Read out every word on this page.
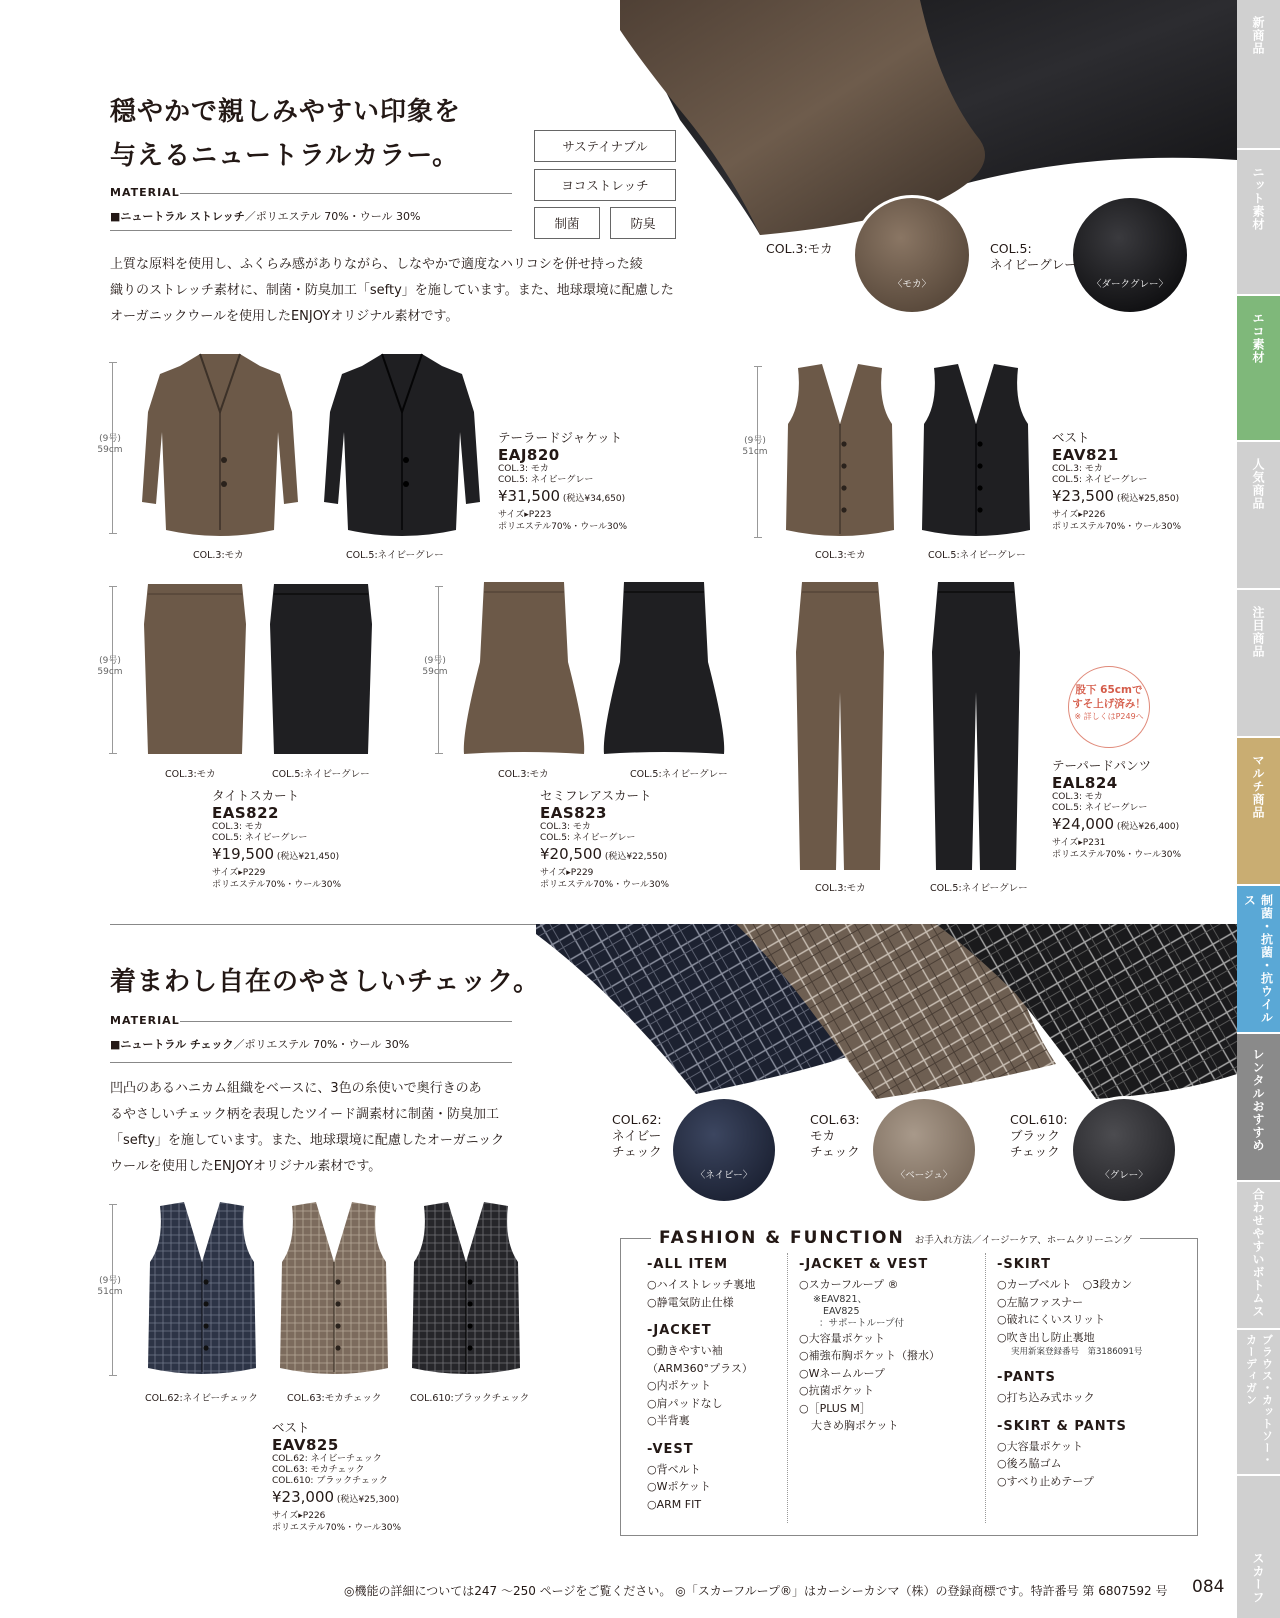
新商品
ニット素材
エコ素材
人気商品
注目商品
マルチ商品
制菌・抗菌・抗ウイルス
レンタルおすすめ
合わせやすいボトムス
ブラウス・カットソー・カーディガン
スカーフ
〈モカ〉	〈ダークグレー〉
COL.3:モカ	COL.5:
ネイビーグレー
穏やかで親しみやすい印象を
与えるニュートラルカラー。
MATERIAL
■ニュートラル ストレッチ／ポリエステル 70%・ウール 30%
サステイナブル
ヨコストレッチ
制菌	防臭
上質な原料を使用し、ふくらみ感がありながら、しなやかで適度なハリコシを併せ持った綾
織りのストレッチ素材に、制菌・防臭加工「sefty」を施しています。また、地球環境に配慮した
オーガニックウールを使用したENJOYオリジナル素材です。
(9号)
59cm
COL.3:モカ	COL.5:ネイビーグレー
テーラードジャケット
EAJ820
COL.3: モカ
COL.5: ネイビーグレー
¥31,500 (税込¥34,650)
サイズ▸P223
ポリエステル70%・ウール30%
(9号)
51cm
COL.3:モカ	COL.5:ネイビーグレー
ベスト
EAV821
COL.3: モカ
COL.5: ネイビーグレー
¥23,500 (税込¥25,850)
サイズ▸P226
ポリエステル70%・ウール30%
(9号)
59cm
COL.3:モカ	COL.5:ネイビーグレー
タイトスカート
EAS822
COL.3: モカ
COL.5: ネイビーグレー
¥19,500 (税込¥21,450)
サイズ▸P229
ポリエステル70%・ウール30%
(9号)
59cm
COL.3:モカ	COL.5:ネイビーグレー
セミフレアスカート
EAS823
COL.3: モカ
COL.5: ネイビーグレー
¥20,500 (税込¥22,550)
サイズ▸P229
ポリエステル70%・ウール30%
股下 65cmで
すそ上げ済み！
※ 詳しくはP249へ
COL.3:モカ	COL.5:ネイビーグレー
テーパードパンツ
EAL824
COL.3: モカ
COL.5: ネイビーグレー
¥24,000 (税込¥26,400)
サイズ▸P231
ポリエステル70%・ウール30%
〈ネイビー〉	〈ベージュ〉	〈グレー〉
COL.62:
ネイビー
チェック
COL.63:
モカ
チェック
COL.610:
ブラック
チェック
着まわし自在のやさしいチェック。
MATERIAL
■ニュートラル チェック／ポリエステル 70%・ウール 30%
凹凸のあるハニカム組織をベースに、3色の糸使いで奥行きのあ
るやさしいチェック柄を表現したツイード調素材に制菌・防臭加工
「sefty」を施しています。また、地球環境に配慮したオーガニック
ウールを使用したENJOYオリジナル素材です。
(9号)
51cm
COL.62:ネイビーチェック	COL.63:モカチェック	COL.610:ブラックチェック
ベスト
EAV825
COL.62: ネイビーチェック
COL.63: モカチェック
COL.610: ブラックチェック
¥23,000 (税込¥25,300)
サイズ▸P226
ポリエステル70%・ウール30%
FASHION & FUNCTION お手入れ方法／イージーケア、ホームクリーニング
-ALL ITEM
○ハイストレッチ裏地
○静電気防止仕様
-JACKET
○動きやすい袖
（ARM360°プラス）
○内ポケット
○肩パッドなし
○半背裏
-VEST
○背ベルト
○Wポケット
○ARM FIT
-JACKET & VEST
○スカーフループ ®
※EAV821、
EAV825
：サポートループ付
○大容量ポケット
○補強布胸ポケット（撥水）
○Wネームループ
○抗菌ポケット
○［PLUS M］
大きめ胸ポケット
-SKIRT
○カーブベルト　○3段カン
○左脇ファスナー
○破れにくいスリット
○吹き出し防止裏地
実用新案登録番号　第3186091号
-PANTS
○打ち込み式ホック
-SKIRT & PANTS
○大容量ポケット
○後ろ脇ゴム
○すべり止めテープ
◎機能の詳細については247 〜250 ページをご覧ください。 ◎「スカーフループ®」はカーシーカシマ（株）の登録商標です。特許番号 第 6807592 号 084
